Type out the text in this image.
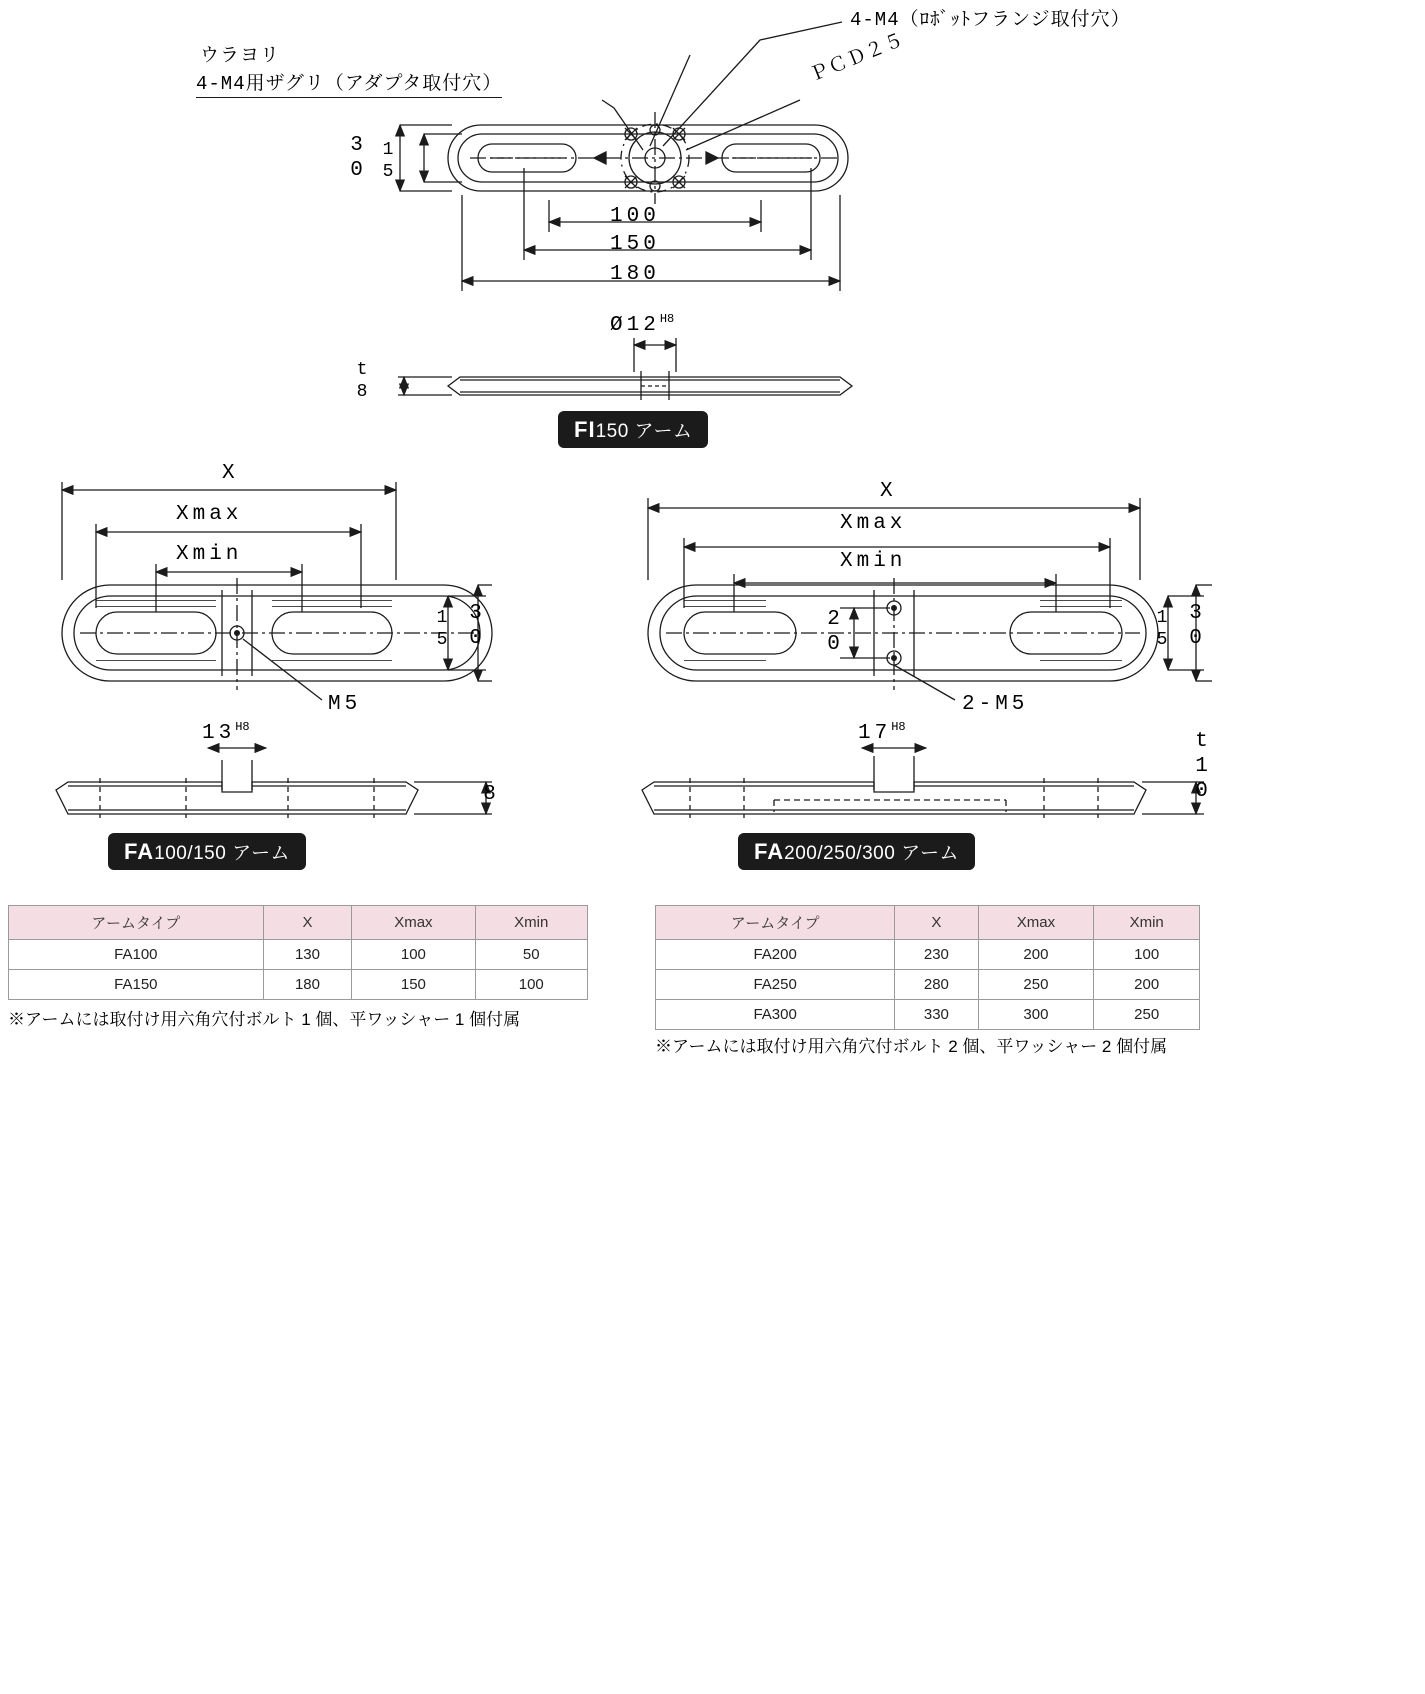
4-M4（ﾛﾎﾞｯﾄフランジ取付穴）
ＰＣＤ２５
ウラヨリ
4-M4用ザグリ（アダプタ取付穴）
30 15
100
150
180
$Ø12^{H8}$
t8
FI150 アーム
X
Xmax
Xmin
15 30
M5
$13^{H8}$
8
FA100/150 アーム
X
Xmax
Xmin
20	15 30
2-M5
$17^{H8}$
t10
FA200/250/300 アーム
アームタイプ	X	Xmax	Xmin
FA100	130	100	50
FA150	180	150	100
※アームには取付け用六角穴付ボルト 1 個、平ワッシャー 1 個付属
アームタイプ	X	Xmax	Xmin
FA200	230	200	100
FA250	280	250	200
FA300	330	300	250
※アームには取付け用六角穴付ボルト 2 個、平ワッシャー 2 個付属
